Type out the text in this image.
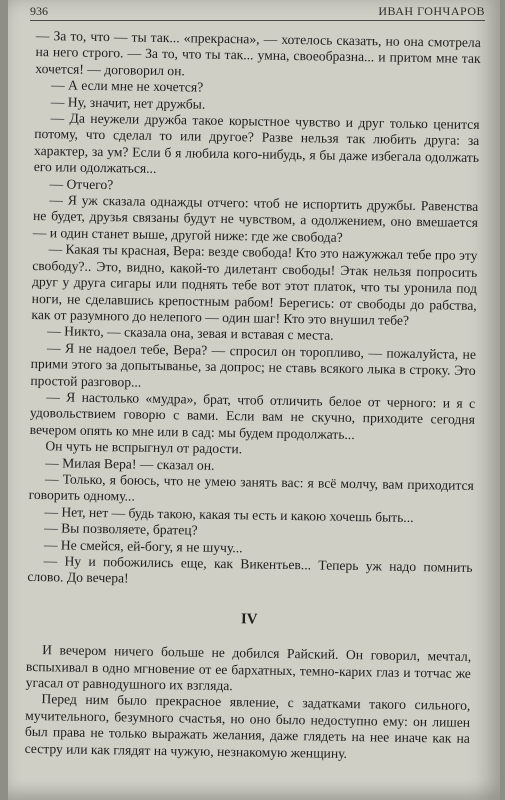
936	ИВАН ГОНЧАРОВ

— За то, что — ты так... «прекрасна», — хотелось сказать, но она смотрела на него строго. — За то, что ты так... умна, своеобразна... и притом мне так хочется! — договорил он.

— А если мне не хочется?

— Ну, значит, нет дружбы.

— Да неужели дружба такое корыстное чувство и друг только ценится потому, что сделал то или другое? Разве нельзя так любить друга: за характер, за ум? Если б я любила кого-нибудь, я бы даже избегала одолжать его или одолжаться...

— Отчего?

— Я уж сказала однажды отчего: чтоб не испортить дружбы. Равенства не будет, друзья связаны будут не чувством, а одолжением, оно вмешается — и один станет выше, другой ниже: где же свобода?

— Какая ты красная, Вера: везде свобода! Кто это нажужжал тебе про эту свободу?.. Это, видно, какой-то дилетант свободы! Этак нельзя попросить друг у друга сигары или поднять тебе вот этот платок, что ты уронила под ноги, не сделавшись крепостным рабом! Берегись: от свободы до рабства, как от разумного до нелепого — один шаг! Кто это внушил тебе?

— Никто, — сказала она, зевая и вставая с места.

— Я не надоел тебе, Вера? — спросил он торопливо, — пожалуйста, не прими этого за допытыванье, за допрос; не ставь всякого лыка в строку. Это простой разговор...

— Я настолько «мудра», брат, чтоб отличить белое от черного: и я с удовольствием говорю с вами. Если вам не скучно, приходите сегодня вечером опять ко мне или в сад: мы будем продолжать...

Он чуть не вспрыгнул от радости.

— Милая Вера! — сказал он.

— Только, я боюсь, что не умею занять вас: я всё молчу, вам приходится говорить одному...

— Нет, нет — будь такою, какая ты есть и какою хочешь быть...

— Вы позволяете, братец?

— Не смейся, ей-богу, я не шучу...

— Ну и побожились еще, как Викентьев... Теперь уж надо помнить слово. До вечера!

IV

И вечером ничего больше не добился Райский. Он говорил, мечтал, вспыхивал в одно мгновение от ее бархатных, темно-карих глаз и тотчас же угасал от равнодушного их взгляда.

Перед ним было прекрасное явление, с задатками такого сильного, мучительного, безумного счастья, но оно было недоступно ему: он лишен был права не только выражать желания, даже глядеть на нее иначе как на сестру или как глядят на чужую, незнакомую женщину.
